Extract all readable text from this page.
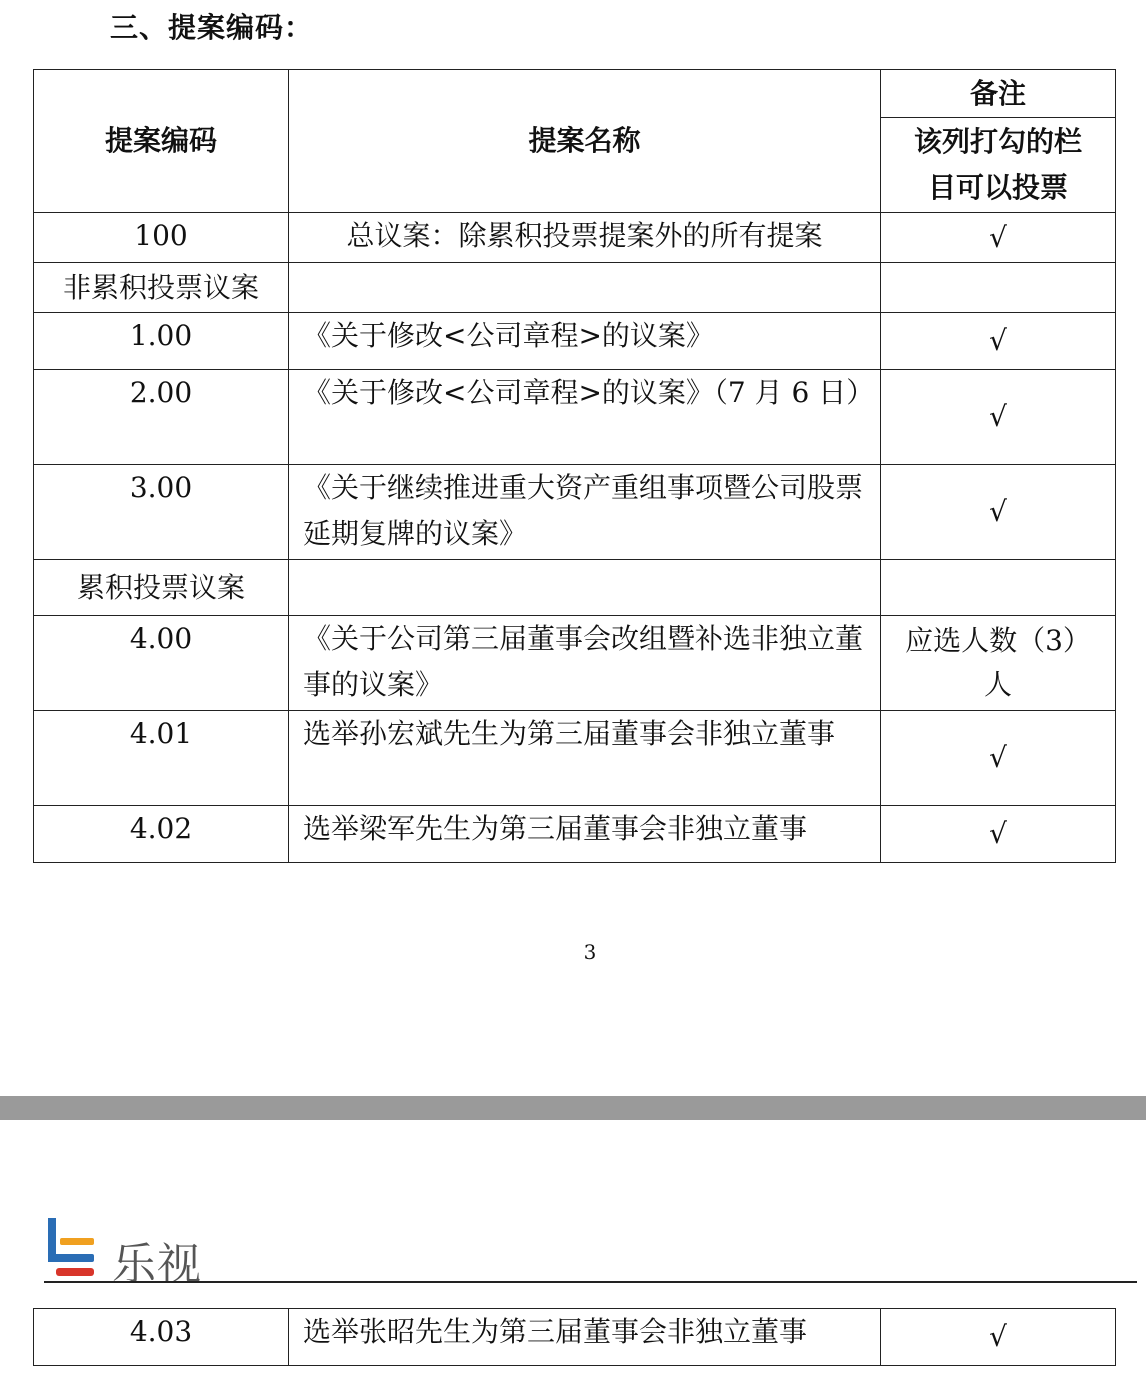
三、提案编码：
提案编码	提案名称	备注
		该列打勾的栏
目可以投票
100	总议案：除累积投票提案外的所有提案	√
非累积投票议案		
1.00	《关于修改<公司章程>的议案》	√
2.00	《关于修改<公司章程>的议案》（7 月 6 日）	√
3.00	《关于继续推进重大资产重组事项暨公司股票延期复牌的议案》	√
累积投票议案		
4.00	《关于公司第三届董事会改组暨补选非独立董事的议案》	应选人数（3）人
4.01	选举孙宏斌先生为第三届董事会非独立董事	√
4.02	选举梁军先生为第三届董事会非独立董事	√
3
乐视
4.03	选举张昭先生为第三届董事会非独立董事	√
